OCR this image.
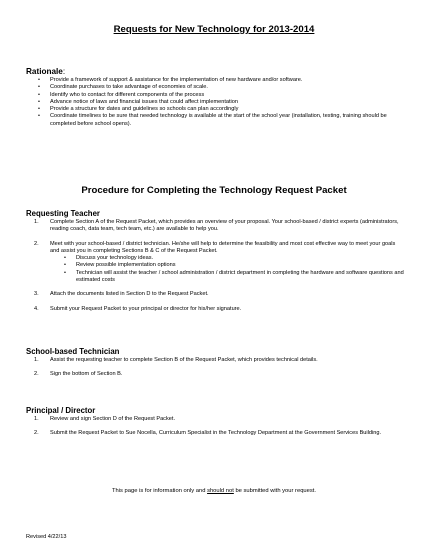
Requests for New Technology for 2013-2014
Rationale:
• Provide a framework of support & assistance for the implementation of new hardware and/or software.
• Coordinate purchases to take advantage of economies of scale.
• Identify who to contact for different components of the process
• Advance notice of laws and financial issues that could affect implementation
• Provide a structure for dates and guidelines so schools can plan accordingly
• Coordinate timelines to be sure that needed technology is available at the start of the school year (installation, testing, training should be completed before school opens).
Procedure for Completing the Technology Request Packet
Requesting Teacher
1. Complete Section A of the Request Packet, which provides an overview of your proposal. Your school-based / district experts (administrators, reading coach, data team, tech team, etc.) are available to help you.
2. Meet with your school-based / district technician. He/she will help to determine the feasibility and most cost effective way to meet your goals and assist you in completing Sections B & C of the Request Packet.
• Discuss your technology ideas.
• Review possible implementation options
• Technician will assist the teacher / school administration / district department in completing the hardware and software questions and estimated costs
3. Attach the documents listed in Section D to the Request Packet.
4. Submit your Request Packet to your principal or director for his/her signature.
School-based Technician
1. Assist the requesting teacher to complete Section B of the Request Packet, which provides technical details.
2. Sign the bottom of Section B.
Principal / Director
1. Review and sign Section D of the Request Packet.
2. Submit the Request Packet to Sue Nocella, Curriculum Specialist in the Technology Department at the Government Services Building.
This page is for information only and should not be submitted with your request.
Revised 4/22/13
